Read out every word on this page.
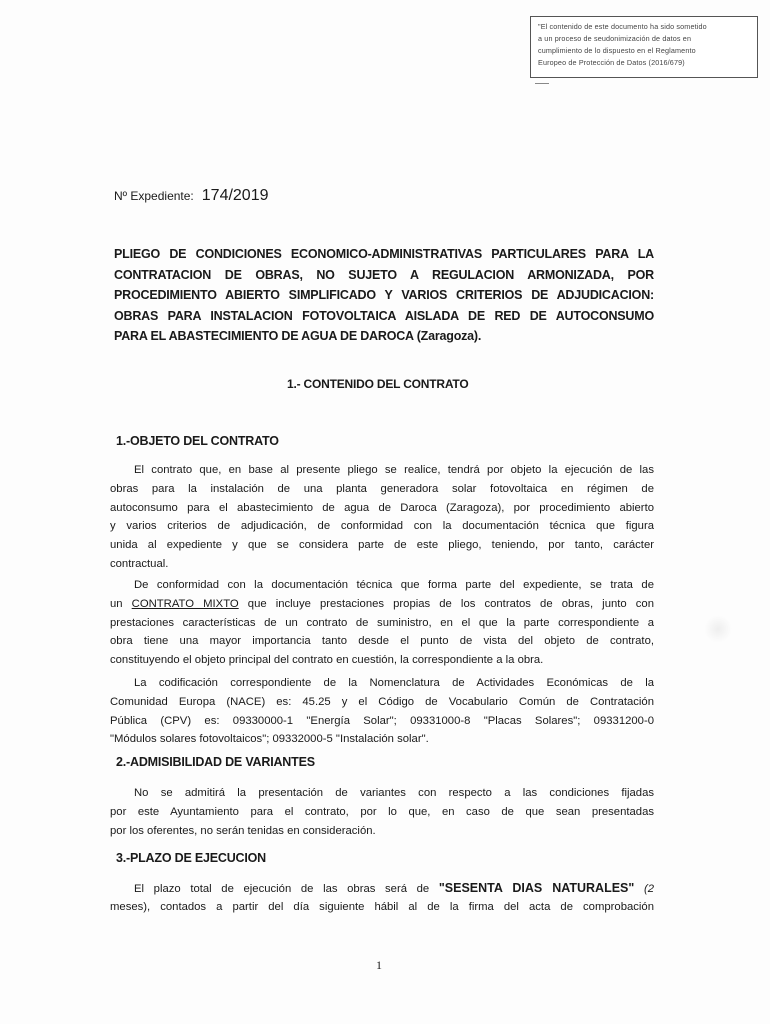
"El contenido de este documento ha sido sometido
a un proceso de seudonimización de datos en
cumplimiento de lo dispuesto en el Reglamento
Europeo de Protección de Datos (2016/679)
Nº Expediente: 174/2019
PLIEGO DE CONDICIONES ECONOMICO-ADMINISTRATIVAS PARTICULARES PARA LA
CONTRATACION DE OBRAS, NO SUJETO A REGULACION ARMONIZADA, POR
PROCEDIMIENTO ABIERTO SIMPLIFICADO Y VARIOS CRITERIOS DE ADJUDICACION:
OBRAS PARA INSTALACION FOTOVOLTAICA AISLADA DE RED DE AUTOCONSUMO
PARA EL ABASTECIMIENTO DE AGUA DE DAROCA (Zaragoza).
1.- CONTENIDO DEL CONTRATO
1.-OBJETO DEL CONTRATO
El contrato que, en base al presente pliego se realice, tendrá por objeto la ejecución de las
obras para la instalación de una planta generadora solar fotovoltaica en régimen de
autoconsumo para el abastecimiento de agua de Daroca (Zaragoza), por procedimiento abierto
y varios criterios de adjudicación, de conformidad con la documentación técnica que figura
unida al expediente y que se considera parte de este pliego, teniendo, por tanto, carácter
contractual.
De conformidad con la documentación técnica que forma parte del expediente, se trata de
un CONTRATO MIXTO que incluye prestaciones propias de los contratos de obras, junto con
prestaciones características de un contrato de suministro, en el que la parte correspondiente a
obra tiene una mayor importancia tanto desde el punto de vista del objeto de contrato,
constituyendo el objeto principal del contrato en cuestión, la correspondiente a la obra.
La codificación correspondiente de la Nomenclatura de Actividades Económicas de la
Comunidad Europa (NACE) es: 45.25 y el Código de Vocabulario Común de Contratación
Pública (CPV) es: 09330000-1 "Energía Solar"; 09331000-8 "Placas Solares"; 09331200-0
"Módulos solares fotovoltaicos"; 09332000-5 "Instalación solar".
2.-ADMISIBILIDAD DE VARIANTES
No se admitirá la presentación de variantes con respecto a las condiciones fijadas
por este Ayuntamiento para el contrato, por lo que, en caso de que sean presentadas
por los oferentes, no serán tenidas en consideración.
3.-PLAZO DE EJECUCION
El plazo total de ejecución de las obras será de "SESENTA DIAS NATURALES" (2
meses), contados a partir del día siguiente hábil al de la firma del acta de comprobación
1
